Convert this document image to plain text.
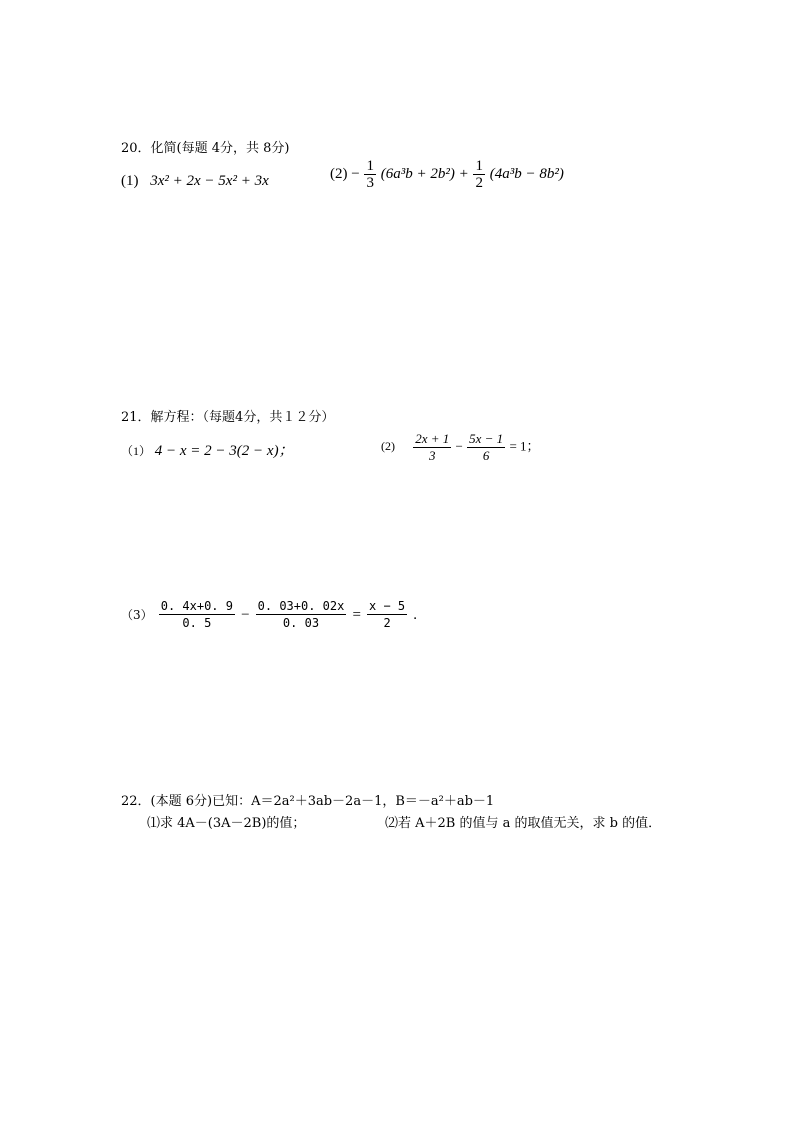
20．化简(每题 4分，共 8分)
(1) 3x² + 2x − 5x² + 3x	$(2) - \frac{1}{3} (6a^3b + 2b^2) + \frac{1}{2} (4a^3b - 8b^2)$
21．解方程：（每题4分，共１２分）
（1） 4 − x = 2 − 3(2 − x)；	$(2) \frac{2x + 1}{3} - \frac{5x - 1}{6} = 1$；
$(3) \frac{0. 4x+0. 9}{0. 5} - \frac{0. 03+0. 02x}{0. 03} = \frac{x - 5}{2}$ .
22．(本题 6分)已知：A＝2a²＋3ab－2a－1，B＝－a²＋ab－1
⑴求 4A－(3A－2B)的值；	⑵若 A＋2B 的值与 a 的取值无关，求 b 的值．
